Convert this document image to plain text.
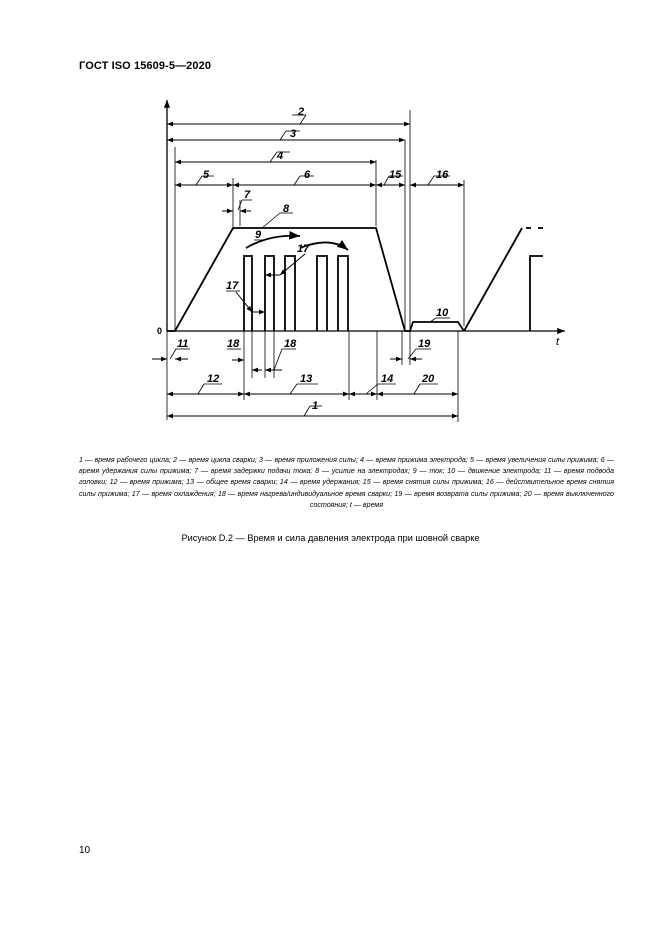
ГОСТ ISO 15609-5—2020
0
t
2
3
4
5	6	15	16
7
8
9
17
17
10
11	18	18	19
12	13	14	20
1
1 — время рабочего цикла; 2 — время цикла сварки; 3 — время приложения силы; 4 — время прижима электрода; 5 — время увеличения силы прижима; 6 — время удержания силы прижима; 7 — время задержки подачи тока; 8 — усилие на электродах; 9 — ток; 10 — движение электрода; 11 — время подвода головки; 12 — время прижима; 13 — общее время сварки; 14 — время удержания; 15 — время снятия силы прижима; 16 — действительное время снятия силы прижима; 17 — время охлаждения; 18 — время нагрева/индивидуальное время сварки; 19 — время возврата силы прижима; 20 — время выключенного состояния; t — время
Рисунок D.2 — Время и сила давления электрода при шовной сварке
10
